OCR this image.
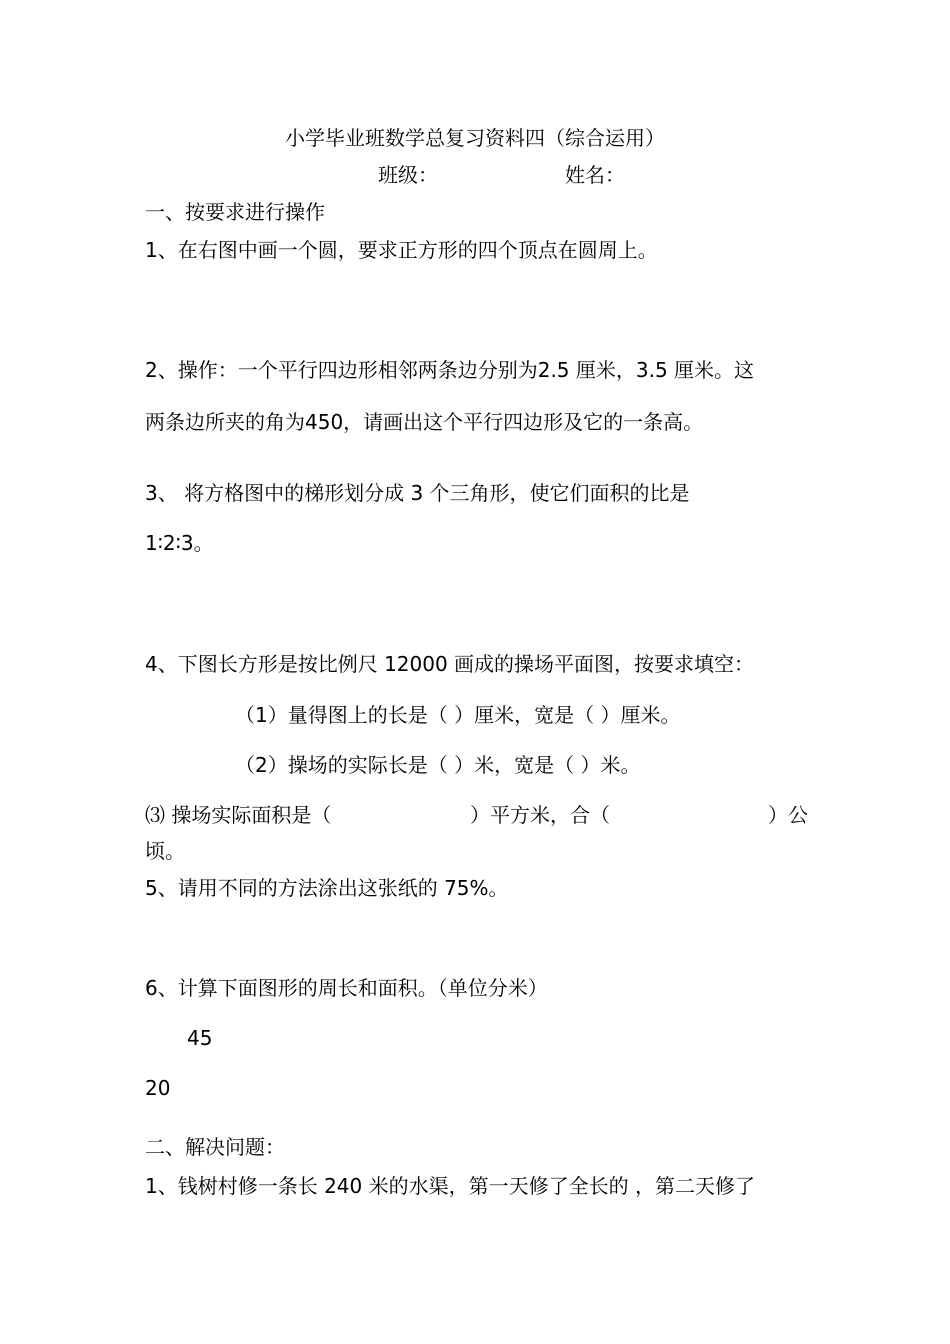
小学毕业班数学总复习资料四（综合运用）
班级：	姓名：
一、按要求进行操作
1、在右图中画一个圆，要求正方形的四个顶点在圆周上。
2、操作：一个平行四边形相邻两条边分别为2.5 厘米，3.5 厘米。这
两条边所夹的角为450，请画出这个平行四边形及它的一条高。
3、 将方格图中的梯形划分成 3 个三角形，使它们面积的比是
1∶2∶3。
4、下图长方形是按比例尺 12000 画成的操场平面图，按要求填空：
（1）量得图上的长是（ ）厘米，宽是（ ）厘米。
（2）操场的实际长是（ ）米，宽是（ ）米。
⑶ 操场实际面积是（	）平方米，合（	）公
顷。
5、请用不同的方法涂出这张纸的 75%。
6、计算下面图形的周长和面积。（单位分米）
45
20
二、解决问题：
1、钱树村修一条长 240 米的水渠，第一天修了全长的 ，第二天修了
